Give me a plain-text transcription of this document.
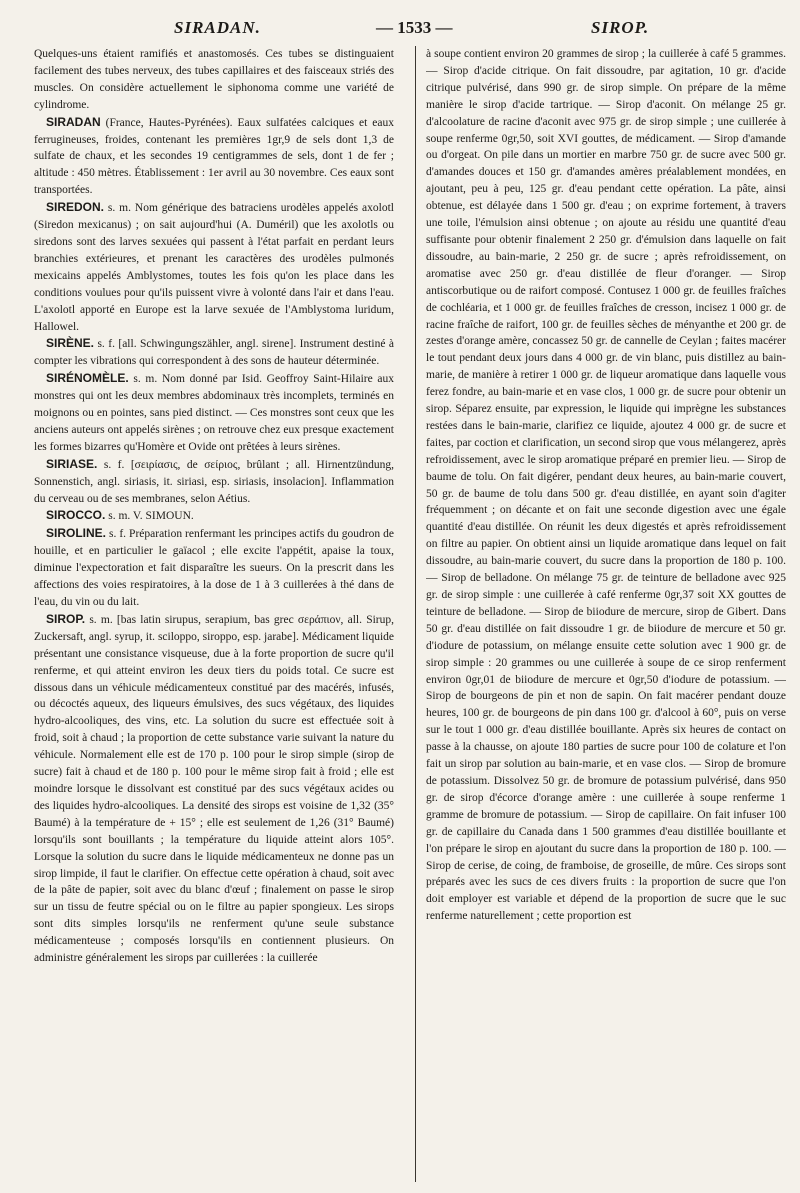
SIRADAN.	— 1533 —	SIROP.

Quelques-uns étaient ramifiés et anastomosés. Ces tubes se distinguaient facilement des tubes nerveux, des tubes capillaires et des faisceaux striés des muscles. On considère actuellement le siphonoma comme une variété de cylindrome.

SIRADAN (France, Hautes-Pyrénées). Eaux sulfatées calciques et eaux ferrugineuses, froides, contenant les premières 1gr,9 de sels dont 1,3 de sulfate de chaux, et les secondes 19 centigrammes de sels, dont 1 de fer ; altitude : 450 mètres. Établissement : 1er avril au 30 novembre. Ces eaux sont transportées.

SIREDON. s. m. Nom générique des batraciens urodèles appelés axolotl (Siredon mexicanus) ; on sait aujourd'hui (A. Duméril) que les axolotls ou siredons sont des larves sexuées qui passent à l'état parfait en perdant leurs branchies extérieures, et prenant les caractères des urodèles pulmonés mexicains appelés Amblystomes, toutes les fois qu'on les place dans les conditions voulues pour qu'ils puissent vivre à volonté dans l'air et dans l'eau. L'axolotl apporté en Europe est la larve sexuée de l'Amblystoma luridum, Hallowel.

SIRÈNE. s. f. [all. Schwingungszähler, angl. sirene]. Instrument destiné à compter les vibrations qui correspondent à des sons de hauteur déterminée.

SIRÉNOMÈLE. s. m. Nom donné par Isid. Geoffroy Saint-Hilaire aux monstres qui ont les deux membres abdominaux très incomplets, terminés en moignons ou en pointes, sans pied distinct. — Ces monstres sont ceux que les anciens auteurs ont appelés sirènes ; on retrouve chez eux presque exactement les formes bizarres qu'Homère et Ovide ont prêtées à leurs sirènes.

SIRIASE. s. f. [σειρίασις, de σείριος, brûlant ; all. Hirnentzündung, Sonnenstich, angl. siriasis, it. siriasi, esp. siriasis, insolacion]. Inflammation du cerveau ou de ses membranes, selon Aétius.

SIROCCO. s. m. V. SIMOUN.

SIROLINE. s. f. Préparation renfermant les principes actifs du goudron de houille, et en particulier le gaïacol ; elle excite l'appétit, apaise la toux, diminue l'expectoration et fait disparaître les sueurs. On la prescrit dans les affections des voies respiratoires, à la dose de 1 à 3 cuillerées à thé dans de l'eau, du vin ou du lait.

SIROP. s. m. [bas latin sirupus, serapium, bas grec σεράπιον, all. Sirup, Zuckersaft, angl. syrup, it. sciloppo, siroppo, esp. jarabe]. Médicament liquide présentant une consistance visqueuse, due à la forte proportion de sucre qu'il renferme, et qui atteint environ les deux tiers du poids total. Ce sucre est dissous dans un véhicule médicamenteux constitué par des macérés, infusés, ou décoctés aqueux, des liqueurs émulsives, des sucs végétaux, des liquides hydro-alcooliques, des vins, etc. La solution du sucre est effectuée soit à froid, soit à chaud ; la proportion de cette substance varie suivant la nature du véhicule. Normalement elle est de 170 p. 100 pour le sirop simple (sirop de sucre) fait à chaud et de 180 p. 100 pour le même sirop fait à froid ; elle est moindre lorsque le dissolvant est constitué par des sucs végétaux acides ou des liquides hydro-alcooliques. La densité des sirops est voisine de 1,32 (35° Baumé) à la température de + 15° ; elle est seulement de 1,26 (31° Baumé) lorsqu'ils sont bouillants ; la température du liquide atteint alors 105°. Lorsque la solution du sucre dans le liquide médicamenteux ne donne pas un sirop limpide, il faut le clarifier. On effectue cette opération à chaud, soit avec de la pâte de papier, soit avec du blanc d'œuf ; finalement on passe le sirop sur un tissu de feutre spécial ou on le filtre au papier spongieux. Les sirops sont dits simples lorsqu'ils ne renferment qu'une seule substance médicamenteuse ; composés lorsqu'ils en contiennent plusieurs. On administre généralement les sirops par cuillerées : la cuillerée

à soupe contient environ 20 grammes de sirop ; la cuillerée à café 5 grammes. — Sirop d'acide citrique. On fait dissoudre, par agitation, 10 gr. d'acide citrique pulvérisé, dans 990 gr. de sirop simple. On prépare de la même manière le sirop d'acide tartrique. — Sirop d'aconit. On mélange 25 gr. d'alcoolature de racine d'aconit avec 975 gr. de sirop simple ; une cuillerée à soupe renferme 0gr,50, soit XVI gouttes, de médicament. — Sirop d'amande ou d'orgeat. On pile dans un mortier en marbre 750 gr. de sucre avec 500 gr. d'amandes douces et 150 gr. d'amandes amères préalablement mondées, en ajoutant, peu à peu, 125 gr. d'eau pendant cette opération. La pâte, ainsi obtenue, est délayée dans 1 500 gr. d'eau ; on exprime fortement, à travers une toile, l'émulsion ainsi obtenue ; on ajoute au résidu une quantité d'eau suffisante pour obtenir finalement 2 250 gr. d'émulsion dans laquelle on fait dissoudre, au bain-marie, 2 250 gr. de sucre ; après refroidissement, on aromatise avec 250 gr. d'eau distillée de fleur d'oranger. — Sirop antiscorbutique ou de raifort composé. Contusez 1 000 gr. de feuilles fraîches de cochléaria, et 1 000 gr. de feuilles fraîches de cresson, incisez 1 000 gr. de racine fraîche de raifort, 100 gr. de feuilles sèches de ményanthe et 200 gr. de zestes d'orange amère, concassez 50 gr. de cannelle de Ceylan ; faites macérer le tout pendant deux jours dans 4 000 gr. de vin blanc, puis distillez au bain-marie, de manière à retirer 1 000 gr. de liqueur aromatique dans laquelle vous ferez fondre, au bain-marie et en vase clos, 1 000 gr. de sucre pour obtenir un sirop. Séparez ensuite, par expression, le liquide qui imprègne les substances restées dans le bain-marie, clarifiez ce liquide, ajoutez 4 000 gr. de sucre et faites, par coction et clarification, un second sirop que vous mélangerez, après refroidissement, avec le sirop aromatique préparé en premier lieu. — Sirop de baume de tolu. On fait digérer, pendant deux heures, au bain-marie couvert, 50 gr. de baume de tolu dans 500 gr. d'eau distillée, en ayant soin d'agiter fréquemment ; on décante et on fait une seconde digestion avec une égale quantité d'eau distillée. On réunit les deux digestés et après refroidissement on filtre au papier. On obtient ainsi un liquide aromatique dans lequel on fait dissoudre, au bain-marie couvert, du sucre dans la proportion de 180 p. 100. — Sirop de belladone. On mélange 75 gr. de teinture de belladone avec 925 gr. de sirop simple : une cuillerée à café renferme 0gr,37 soit XX gouttes de teinture de belladone. — Sirop de biiodure de mercure, sirop de Gibert. Dans 50 gr. d'eau distillée on fait dissoudre 1 gr. de biiodure de mercure et 50 gr. d'iodure de potassium, on mélange ensuite cette solution avec 1 900 gr. de sirop simple : 20 grammes ou une cuillerée à soupe de ce sirop renferment environ 0gr,01 de biiodure de mercure et 0gr,50 d'iodure de potassium. — Sirop de bourgeons de pin et non de sapin. On fait macérer pendant douze heures, 100 gr. de bourgeons de pin dans 100 gr. d'alcool à 60°, puis on verse sur le tout 1 000 gr. d'eau distillée bouillante. Après six heures de contact on passe à la chausse, on ajoute 180 parties de sucre pour 100 de colature et l'on fait un sirop par solution au bain-marie, et en vase clos. — Sirop de bromure de potassium. Dissolvez 50 gr. de bromure de potassium pulvérisé, dans 950 gr. de sirop d'écorce d'orange amère : une cuillerée à soupe renferme 1 gramme de bromure de potassium. — Sirop de capillaire. On fait infuser 100 gr. de capillaire du Canada dans 1 500 grammes d'eau distillée bouillante et l'on prépare le sirop en ajoutant du sucre dans la proportion de 180 p. 100. — Sirop de cerise, de coing, de framboise, de groseille, de mûre. Ces sirops sont préparés avec les sucs de ces divers fruits : la proportion de sucre que l'on doit employer est variable et dépend de la proportion de sucre que le suc renferme naturellement ; cette proportion est
